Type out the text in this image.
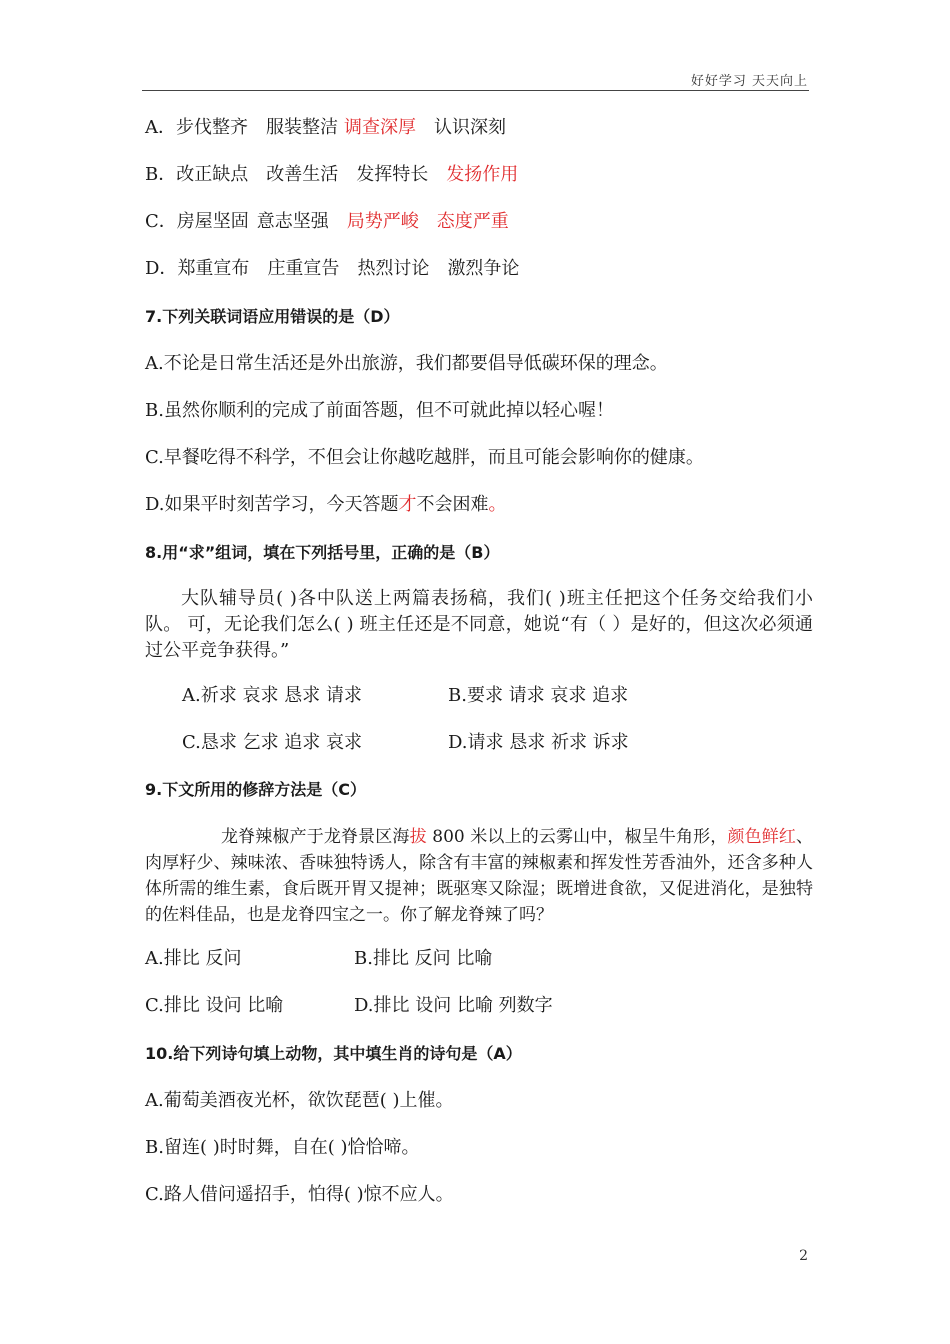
好好学习 天天向上
A．步伐整齐 服装整洁 调查深厚 认识深刻
B．改正缺点 改善生活 发挥特长 发扬作用
C．房屋坚固 意志坚强 局势严峻 态度严重
D．郑重宣布 庄重宣告 热烈讨论 激烈争论
7.下列关联词语应用错误的是（D）
A.不论是日常生活还是外出旅游，我们都要倡导低碳环保的理念。
B.虽然你顺利的完成了前面答题，但不可就此掉以轻心喔！
C.早餐吃得不科学，不但会让你越吃越胖，而且可能会影响你的健康。
D.如果平时刻苦学习，今天答题才不会困难。
8.用“求”组词，填在下列括号里，正确的是（B）
大队辅导员( )各中队送上两篇表扬稿，我们( )班主任把这个任务交给我们小队。 可，无论我们怎么( ) 班主任还是不同意，她说“有（ ）是好的，但这次必须通过公平竞争获得。”
A.祈求 哀求 恳求 请求	B.要求 请求 哀求 追求
C.恳求 乞求 追求 哀求	D.请求 恳求 祈求 诉求
9.下文所用的修辞方法是（C）
龙脊辣椒产于龙脊景区海拔 800 米以上的云雾山中，椒呈牛角形，颜色鲜红、肉厚籽少、辣味浓、香味独特诱人，除含有丰富的辣椒素和挥发性芳香油外，还含多种人体所需的维生素，食后既开胃又提神；既驱寒又除湿；既增进食欲，又促进消化，是独特的佐料佳品，也是龙脊四宝之一。你了解龙脊辣了吗？
A.排比 反问	B.排比 反问 比喻
C.排比 设问 比喻	D.排比 设问 比喻 列数字
10.给下列诗句填上动物，其中填生肖的诗句是（A）
A.葡萄美酒夜光杯，欲饮琵琶( )上催。
B.留连( )时时舞，自在( )恰恰啼。
C.路人借问遥招手，怕得( )惊不应人。
2
